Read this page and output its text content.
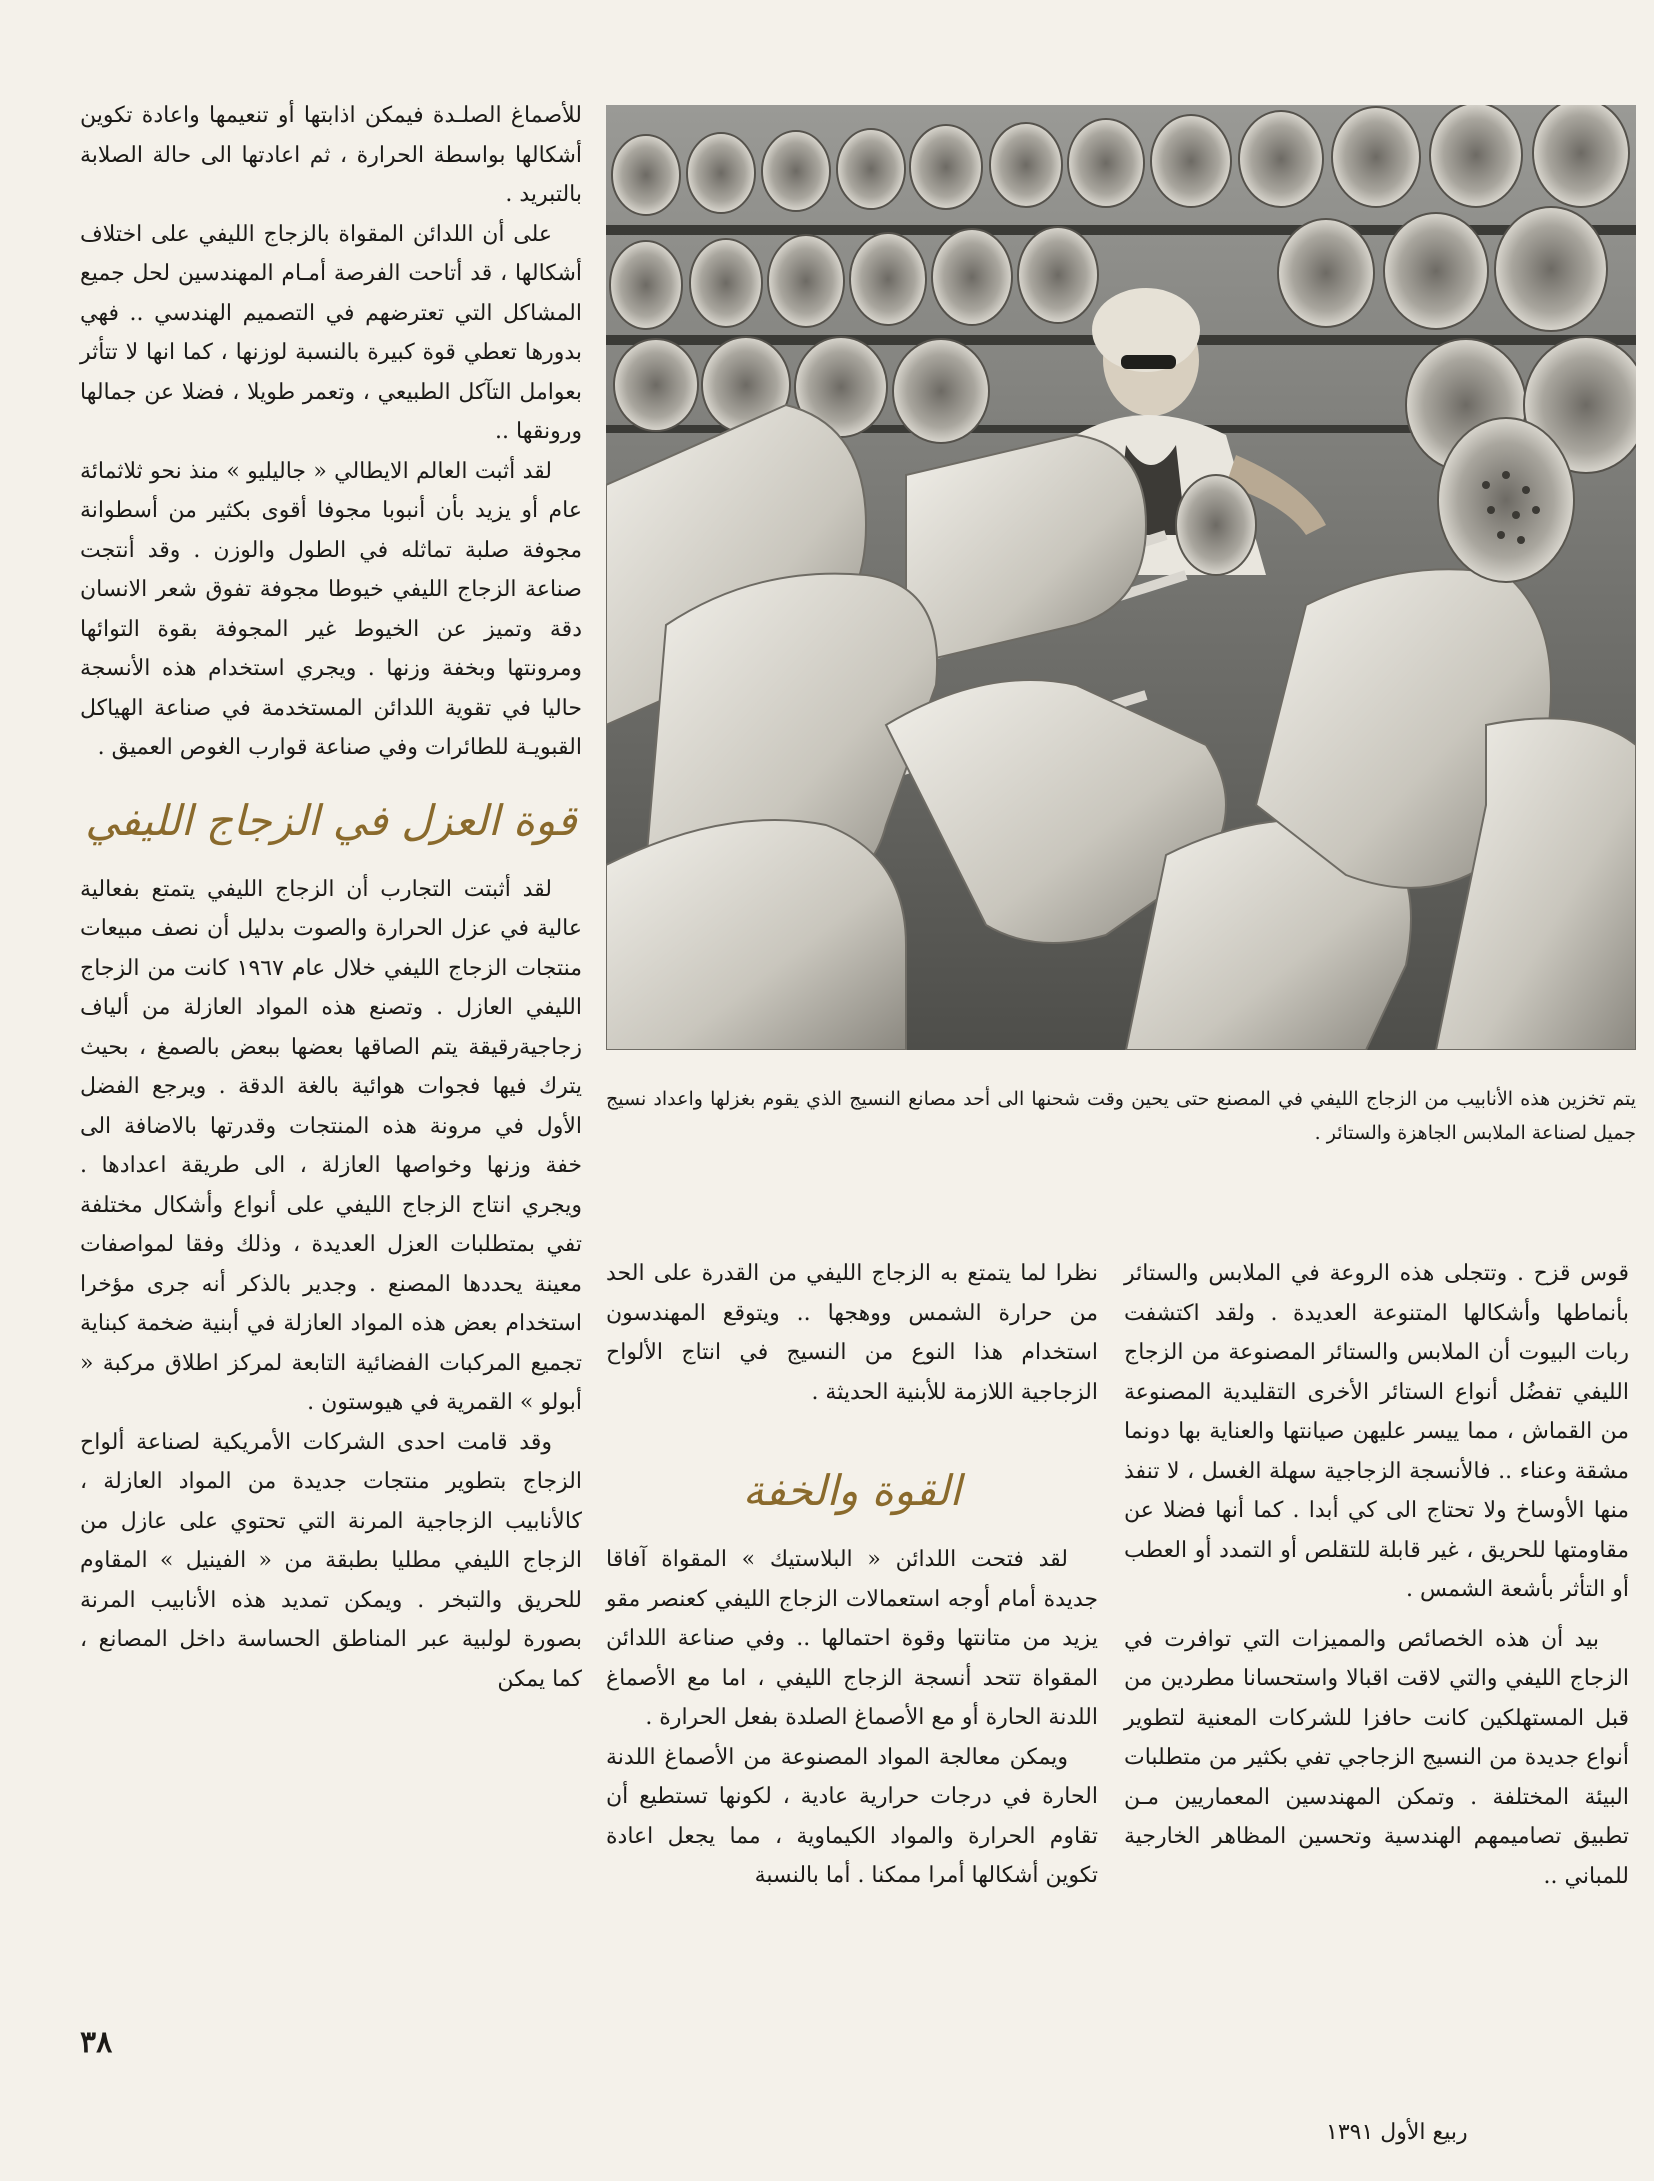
يتم تخزين هذه الأنابيب من الزجاج الليفي في المصنع حتى يحين وقت شحنها الى أحد مصانع النسيج الذي يقوم بغزلها واعداد نسيج جميل لصناعة الملابس الجاهزة والستائر .

للأصماغ الصلـدة فيمكن اذابتها أو تنعيمها واعادة تكوين أشكالها بواسطة الحرارة ، ثم اعادتها الى حالة الصلابة بالتبريد .

على أن اللدائن المقواة بالزجاج الليفي على اختلاف أشكالها ، قد أتاحت الفرصة أمـام المهندسين لحل جميع المشاكل التي تعترضهم في التصميم الهندسي .. فهي بدورها تعطي قوة كبيرة بالنسبة لوزنها ، كما انها لا تتأثر بعوامل التآكل الطبيعي ، وتعمر طويلا ، فضلا عن جمالها ورونقها ..

لقد أثبت العالم الايطالي « جاليليو » منذ نحو ثلاثمائة عام أو يزيد بأن أنبوبا مجوفا أقوى بكثير من أسطوانة مجوفة صلبة تماثله في الطول والوزن . وقد أنتجت صناعة الزجاج الليفي خيوطا مجوفة تفوق شعر الانسان دقة وتميز عن الخيوط غير المجوفة بقوة التوائها ومرونتها وبخفة وزنها . ويجري استخدام هذه الأنسجة حاليا في تقوية اللدائن المستخدمة في صناعة الهياكل القبويـة للطائرات وفي صناعة قوارب الغوص العميق .

قوة العزل في الزجاج الليفي

لقد أثبتت التجارب أن الزجاج الليفي يتمتع بفعالية عالية في عزل الحرارة والصوت بدليل أن نصف مبيعات منتجات الزجاج الليفي خلال عام ١٩٦٧ كانت من الزجاج الليفي العازل . وتصنع هذه المواد العازلة من ألياف زجاجيةرقيقة يتم الصاقها بعضها ببعض بالصمغ ، بحيث يترك فيها فجوات هوائية بالغة الدقة . ويرجع الفضل الأول في مرونة هذه المنتجات وقدرتها بالاضافة الى خفة وزنها وخواصها العازلة ، الى طريقة اعدادها . ويجري انتاج الزجاج الليفي على أنواع وأشكال مختلفة تفي بمتطلبات العزل العديدة ، وذلك وفقا لمواصفات معينة يحددها المصنع . وجدير بالذكر أنه جرى مؤخرا استخدام بعض هذه المواد العازلة في أبنية ضخمة كبناية تجميع المركبات الفضائية التابعة لمركز اطلاق مركبة « أبولو » القمرية في هيوستون .

وقد قامت احدى الشركات الأمريكية لصناعة ألواح الزجاج بتطوير منتجات جديدة من المواد العازلة ، كالأنابيب الزجاجية المرنة التي تحتوي على عازل من الزجاج الليفي مطليا بطبقة من « الفينيل » المقاوم للحريق والتبخر . ويمكن تمديد هذه الأنابيب المرنة بصورة لولبية عبر المناطق الحساسة داخل المصانع ، كما يمكن

نظرا لما يتمتع به الزجاج الليفي من القدرة على الحد من حرارة الشمس ووهجها .. ويتوقع المهندسون استخدام هذا النوع من النسيج في انتاج الألواح الزجاجية اللازمة للأبنية الحديثة .

القوة والخفة

لقد فتحت اللدائن « البلاستيك » المقواة آفاقا جديدة أمام أوجه استعمالات الزجاج الليفي كعنصر مقو يزيد من متانتها وقوة احتمالها .. وفي صناعة اللدائن المقواة تتحد أنسجة الزجاج الليفي ، اما مع الأصماغ اللدنة الحارة أو مع الأصماغ الصلدة بفعل الحرارة .

ويمكن معالجة المواد المصنوعة من الأصماغ اللدنة الحارة في درجات حرارية عادية ، لكونها تستطيع أن تقاوم الحرارة والمواد الكيماوية ، مما يجعل اعادة تكوين أشكالها أمرا ممكنا . أما بالنسبة

قوس قزح . وتتجلى هذه الروعة في الملابس والستائر بأنماطها وأشكالها المتنوعة العديدة . ولقد اكتشفت ربات البيوت أن الملابس والستائر المصنوعة من الزجاج الليفي تفضُل أنواع الستائر الأخرى التقليدية المصنوعة من القماش ، مما ييسر عليهن صيانتها والعناية بها دونما مشقة وعناء .. فالأنسجة الزجاجية سهلة الغسل ، لا تنفذ منها الأوساخ ولا تحتاج الى كي أبدا . كما أنها فضلا عن مقاومتها للحريق ، غير قابلة للتقلص أو التمدد أو العطب أو التأثر بأشعة الشمس .

بيد أن هذه الخصائص والمميزات التي توافرت في الزجاج الليفي والتي لاقت اقبالا واستحسانا مطردين من قبل المستهلكين كانت حافزا للشركات المعنية لتطوير أنواع جديدة من النسيج الزجاجي تفي بكثير من متطلبات البيئة المختلفة . وتمكن المهندسين المعماريين مـن تطبيق تصاميمهم الهندسية وتحسين المظاهر الخارجية للمباني ..

٣٨
ربيع الأول ١٣٩١
